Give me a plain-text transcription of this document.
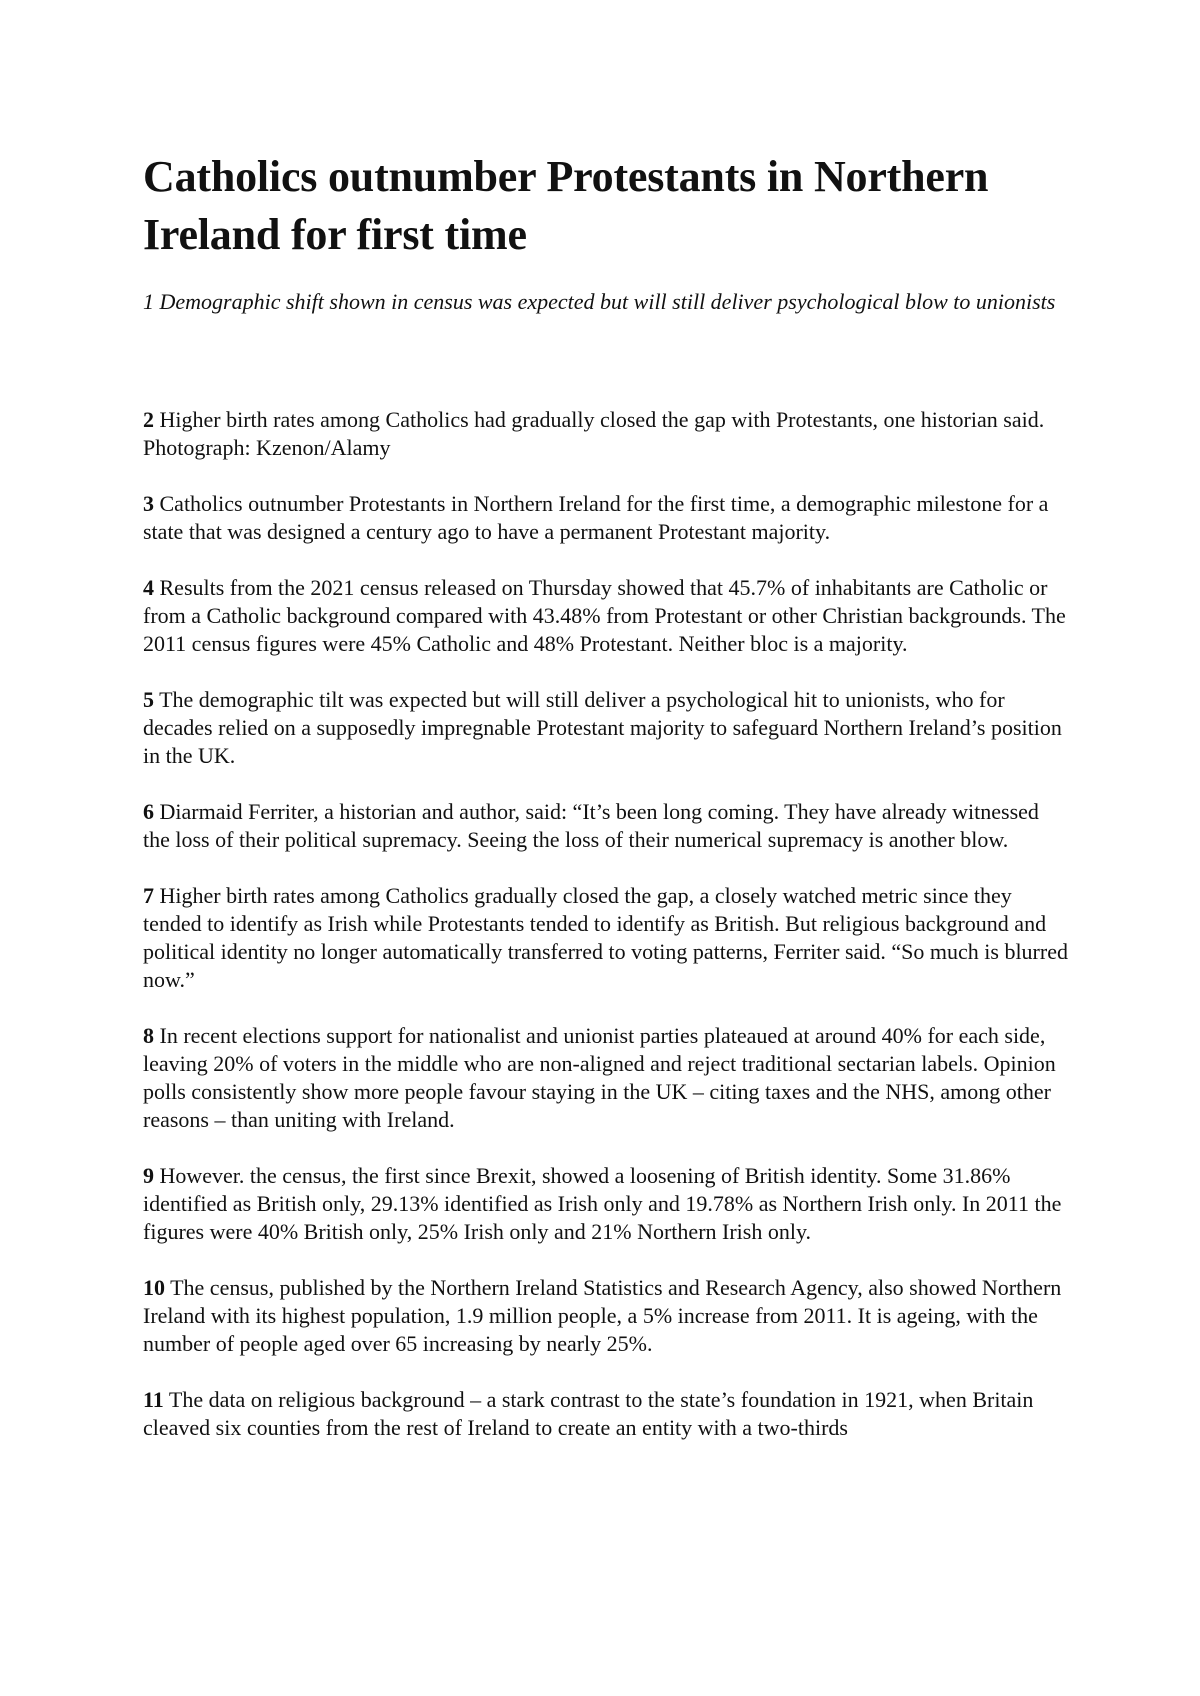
Catholics outnumber Protestants in Northern Ireland for first time

1 Demographic shift shown in census was expected but will still deliver psychological blow to unionists

2 Higher birth rates among Catholics had gradually closed the gap with Protestants, one historian said. Photograph: Kzenon/Alamy

3 Catholics outnumber Protestants in Northern Ireland for the first time, a demographic milestone for a state that was designed a century ago to have a permanent Protestant majority.

4 Results from the 2021 census released on Thursday showed that 45.7% of inhabitants are Catholic or from a Catholic background compared with 43.48% from Protestant or other Christian backgrounds. The 2011 census figures were 45% Catholic and 48% Protestant. Neither bloc is a majority.

5 The demographic tilt was expected but will still deliver a psychological hit to unionists, who for decades relied on a supposedly impregnable Protestant majority to safeguard Northern Ireland’s position in the UK.

6 Diarmaid Ferriter, a historian and author, said: “It’s been long coming. They have already witnessed the loss of their political supremacy. Seeing the loss of their numerical supremacy is another blow.

7 Higher birth rates among Catholics gradually closed the gap, a closely watched metric since they tended to identify as Irish while Protestants tended to identify as British. But religious background and political identity no longer automatically transferred to voting patterns, Ferriter said. “So much is blurred now.”

8 In recent elections support for nationalist and unionist parties plateaued at around 40% for each side, leaving 20% of voters in the middle who are non-aligned and reject traditional sectarian labels. Opinion polls consistently show more people favour staying in the UK – citing taxes and the NHS, among other reasons – than uniting with Ireland.

9 However. the census, the first since Brexit, showed a loosening of British identity. Some 31.86% identified as British only, 29.13% identified as Irish only and 19.78% as Northern Irish only. In 2011 the figures were 40% British only, 25% Irish only and 21% Northern Irish only.

10 The census, published by the Northern Ireland Statistics and Research Agency, also showed Northern Ireland with its highest population, 1.9 million people, a 5% increase from 2011. It is ageing, with the number of people aged over 65 increasing by nearly 25%.

11 The data on religious background – a stark contrast to the state’s foundation in 1921, when Britain cleaved six counties from the rest of Ireland to create an entity with a two-thirds
